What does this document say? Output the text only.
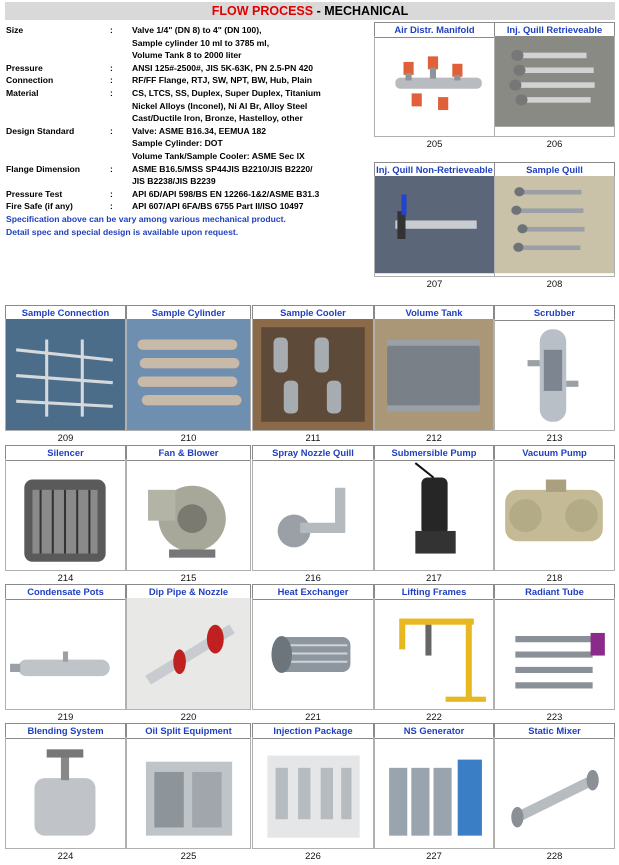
FLOW PROCESS - MECHANICAL
Size	:	Valve 1/4" (DN 8) to 4" (DN 100),
Sample cylinder 10 ml to 3785 ml,
Volume Tank 8 to 2000 liter
Pressure	:	ANSI 125#-2500#, JIS 5K-63K, PN 2.5-PN 420
Connection	:	RF/FF Flange, RTJ, SW, NPT, BW, Hub, Plain
Material	:	CS, LTCS, SS, Duplex, Super Duplex, Titanium
Nickel Alloys (Inconel), Ni Al Br, Alloy Steel
Cast/Ductile Iron, Bronze, Hastelloy, other
Design Standard	:	Valve: ASME B16.34, EEMUA 182
Sample Cylinder: DOT
Volume Tank/Sample Cooler: ASME Sec IX
Flange Dimension	:	ASME B16.5/MSS SP44JIS B2210/JIS B2220/
JIS B2238/JIS B2239
Pressure Test	:	API 6D/API 598/BS EN 12266-1&2/ASME B31.3
Fire Safe (if any)	:	API 607/API 6FA/BS 6755 Part II/ISO 10497
Specification above can be vary among various mechanical product.
Detail spec and special design is available upon request.
Air Distr. Manifold
205
Inj. Quill Retrieveable
206
Inj. Quill Non-Retrieveable
207
Sample Quill
208
Sample Connection
209
Sample Cylinder
210
Sample Cooler
211
Volume Tank
212
Scrubber
213
Silencer
214
Fan & Blower
215
Spray Nozzle Quill
216
Submersible Pump
217
Vacuum Pump
218
Condensate Pots
219
Dip Pipe & Nozzle
220
Heat Exchanger
221
Lifting Frames
222
Radiant Tube
223
Blending System
224
Oil Split Equipment
225
Injection Package
226
NS Generator
227
Static Mixer
228
